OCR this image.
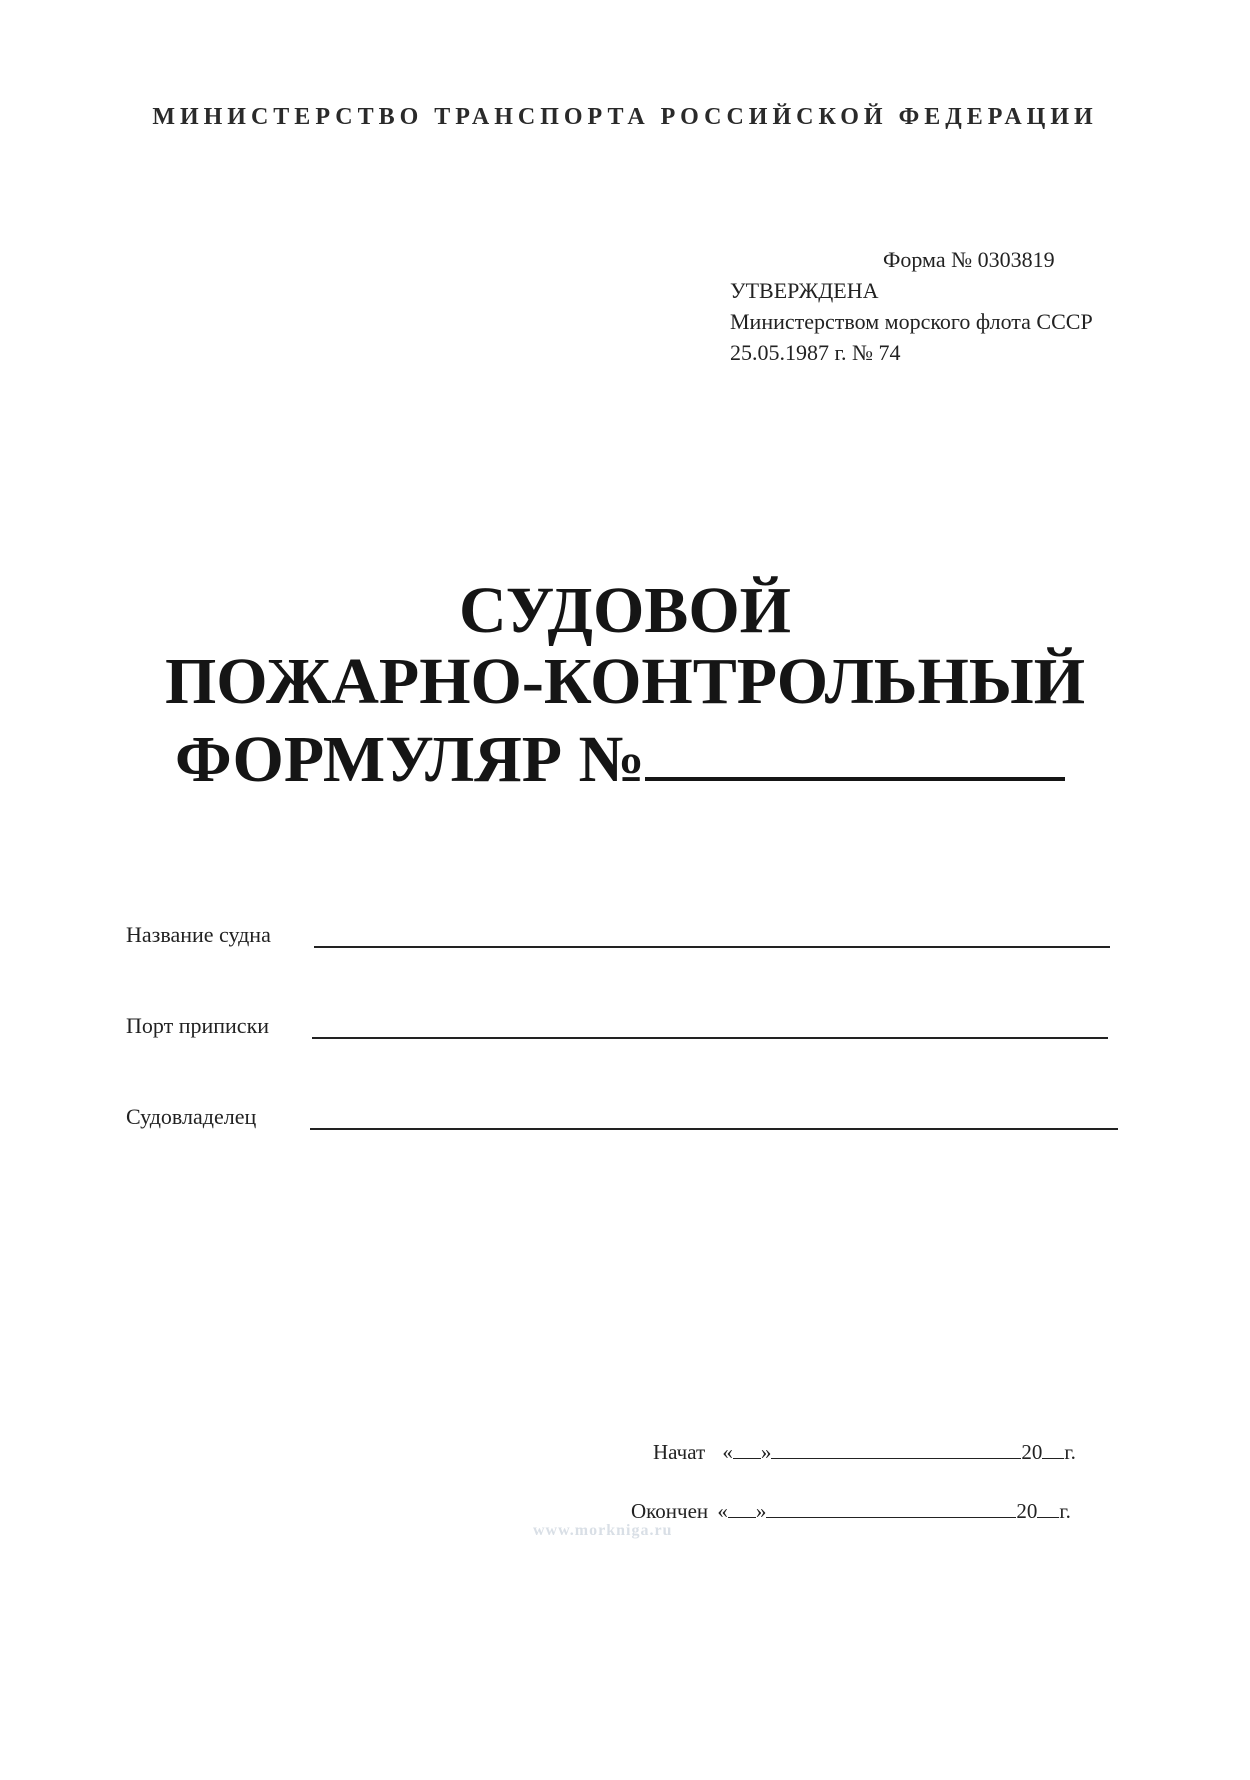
МИНИСТЕРСТВО ТРАНСПОРТА РОССИЙСКОЙ ФЕДЕРАЦИИ
Форма № 0303819
УТВЕРЖДЕНА
Министерством морского флота СССР
25.05.1987 г. № 74
СУДОВОЙ
ПОЖАРНО-КОНТРОЛЬНЫЙ
ФОРМУЛЯР №
Название судна
Порт приписки
Судовладелец
Начат « »	20 г.
Окончен « »	20 г.
www.morkniga.ru
